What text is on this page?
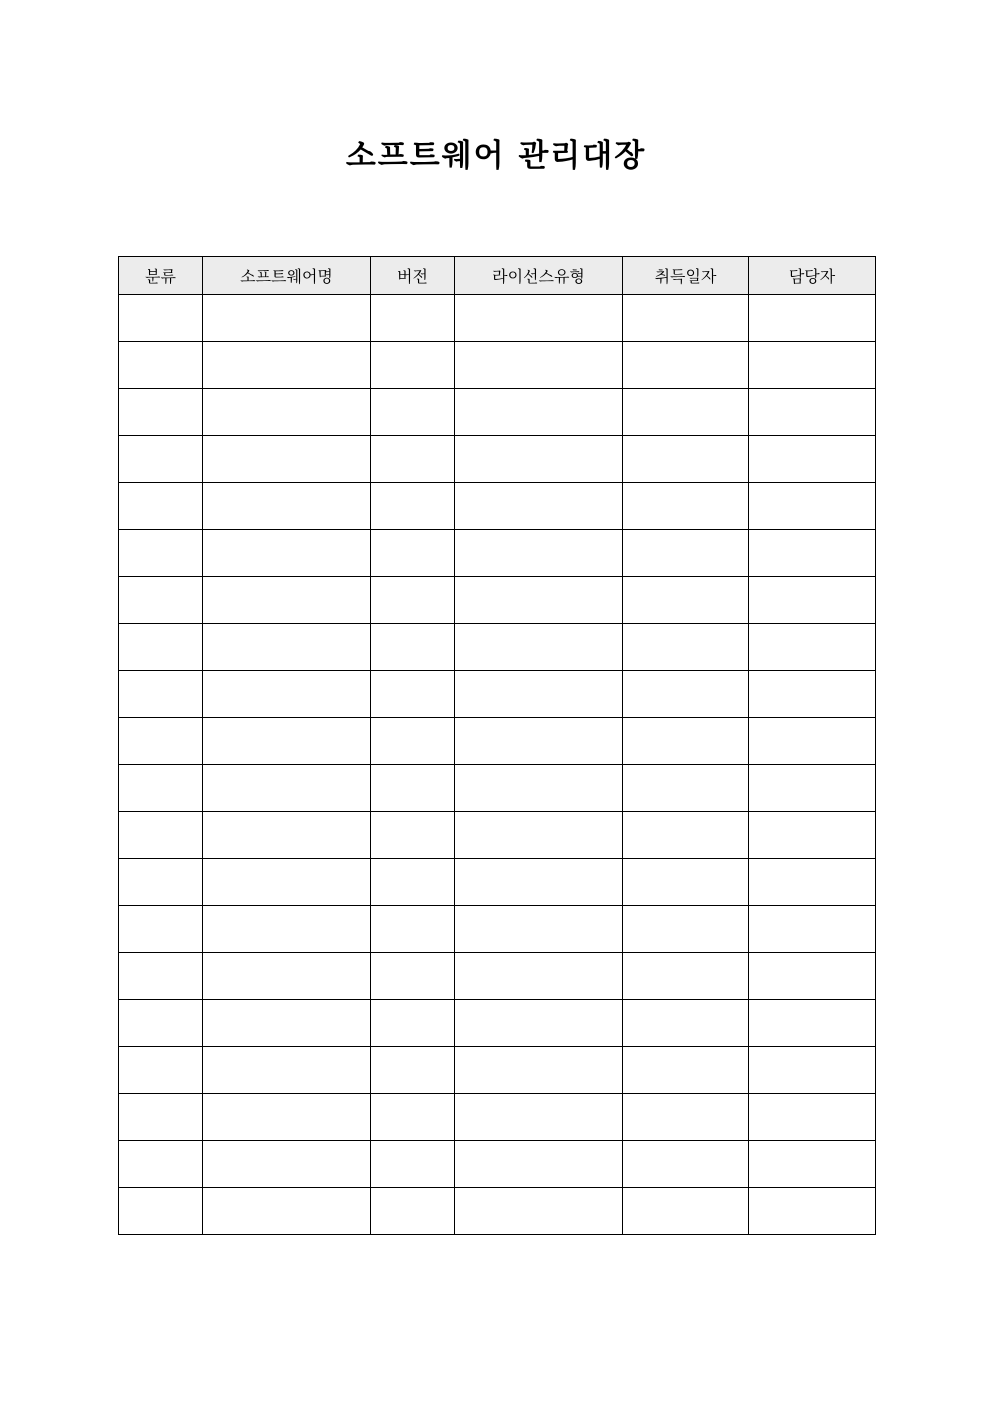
소프트웨어 관리대장
분류	소프트웨어명	버전	라이선스유형	취득일자	담당자
